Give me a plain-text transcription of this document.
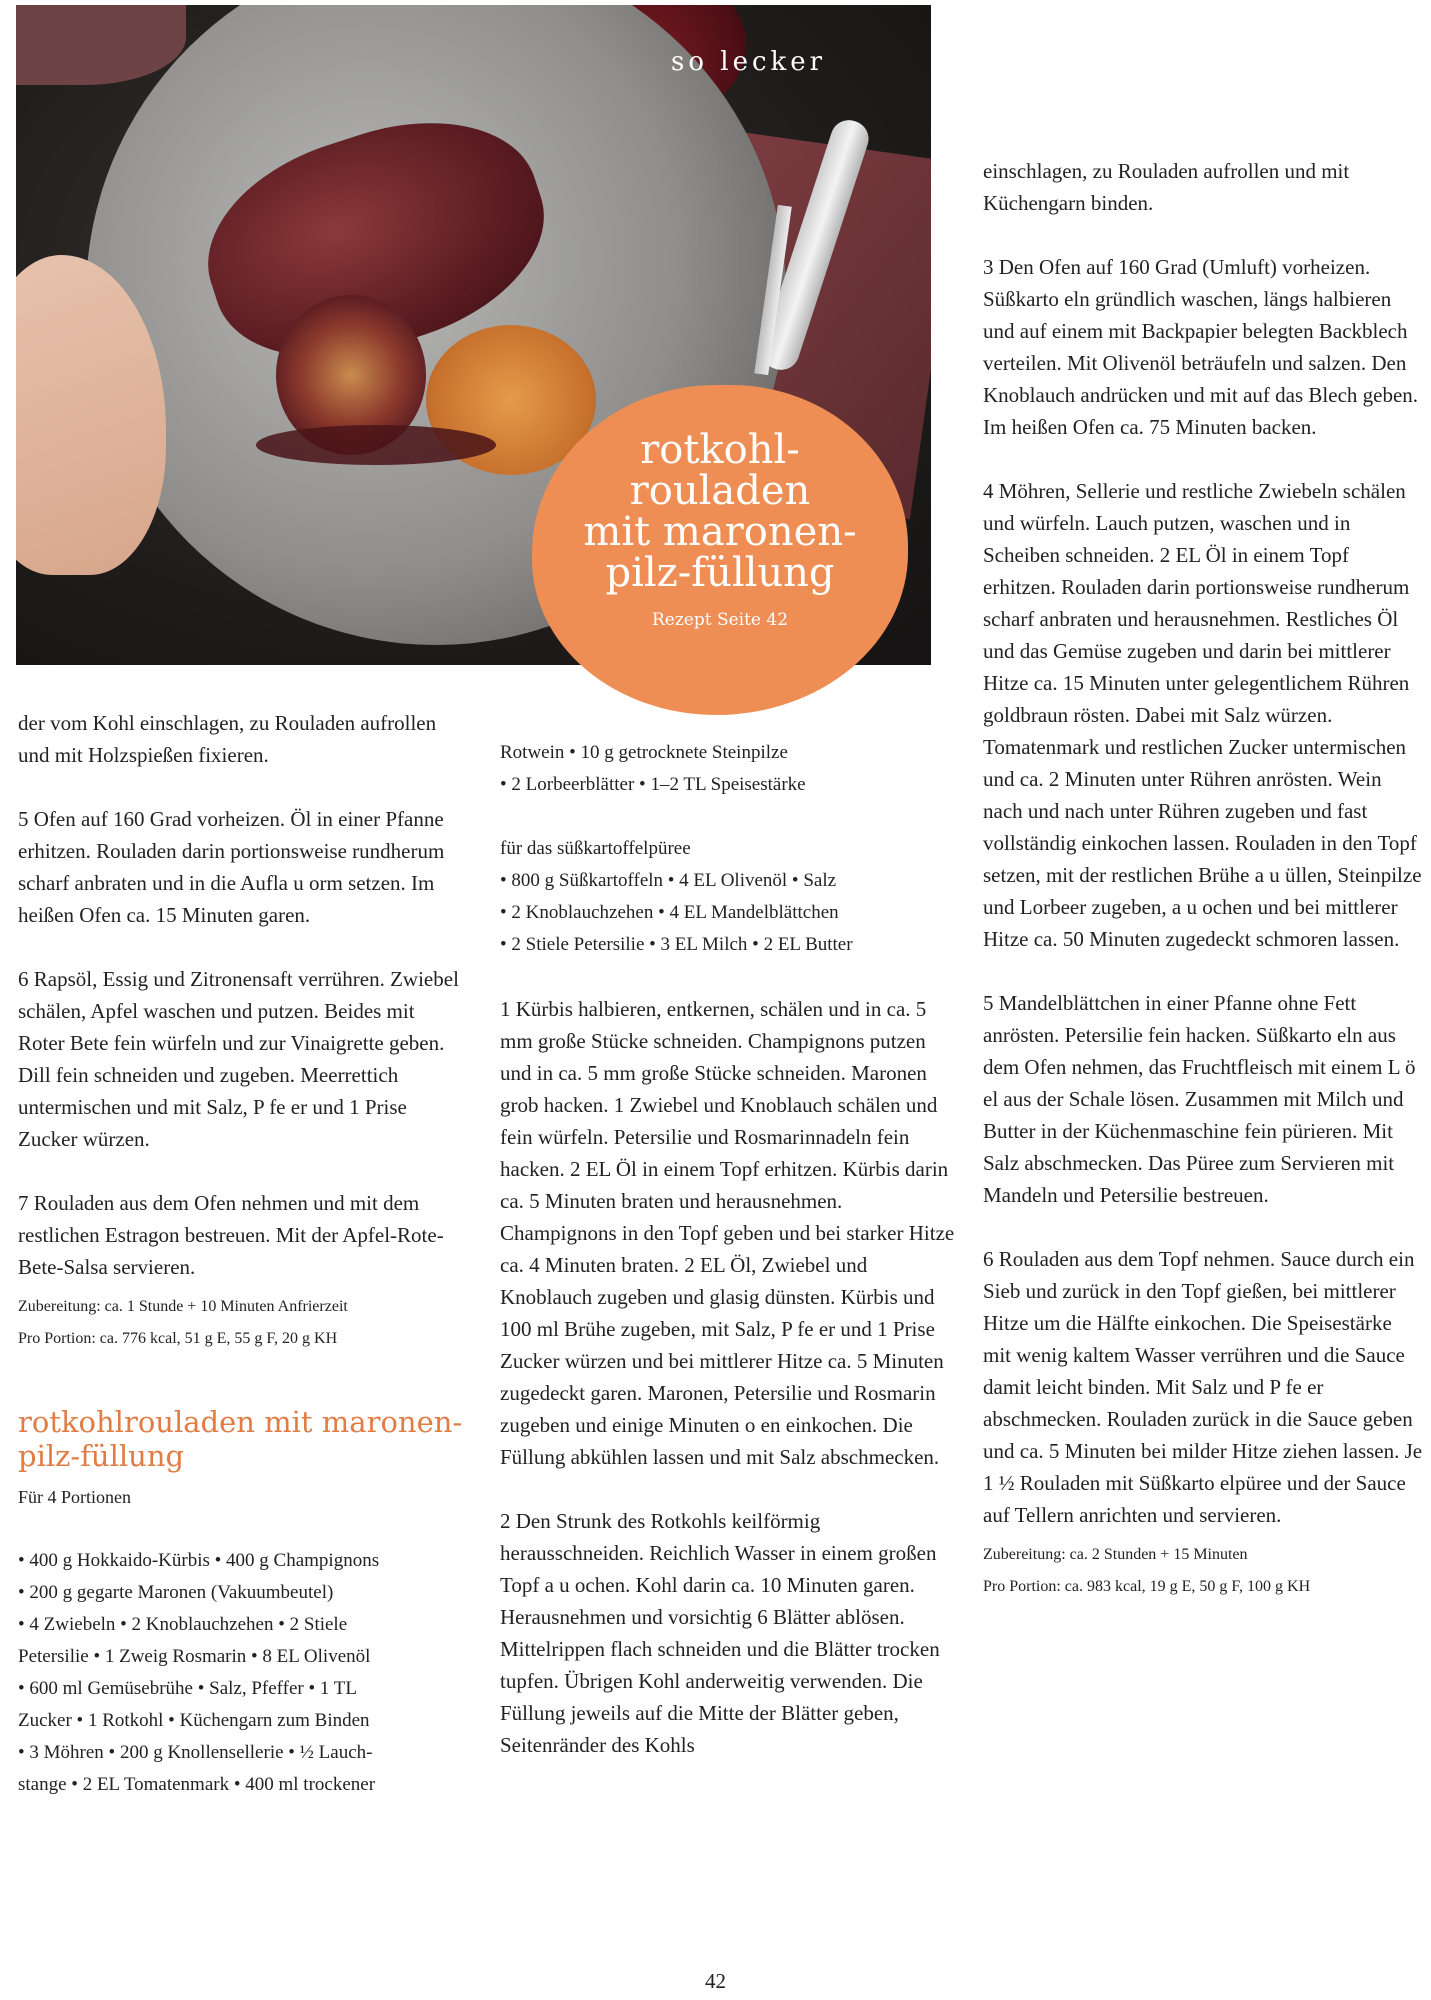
so lecker
rotkohl-
rouladen
mit maronen-
pilz-füllung
Rezept Seite 42

der vom Kohl einschlagen, zu Rouladen aufrollen und mit Holzspießen fixieren.

5 Ofen auf 160 Grad vorheizen. Öl in einer Pfanne erhitzen. Rouladen darin portionsweise rundherum scharf anbraten und in die Aufla u orm setzen. Im heißen Ofen ca. 15 Minuten garen.

6 Rapsöl, Essig und Zitronensaft verrühren. Zwiebel schälen, Apfel waschen und putzen. Beides mit Roter Bete fein würfeln und zur Vinaigrette geben. Dill fein schneiden und zugeben. Meerrettich untermischen und mit Salz, P fe er und 1 Prise Zucker würzen.

7 Rouladen aus dem Ofen nehmen und mit dem restlichen Estragon bestreuen. Mit der Apfel-Rote-Bete-Salsa servieren.

Zubereitung: ca. 1 Stunde + 10 Minuten Anfrierzeit
Pro Portion: ca. 776 kcal, 51 g E, 55 g F, 20 g KH
rotkohlrouladen mit maronen-pilz-füllung
Für 4 Portionen
• 400 g Hokkaido-Kürbis • 400 g Champignons
• 200 g gegarte Maronen (Vakuumbeutel)
• 4 Zwiebeln • 2 Knoblauchzehen • 2 Stiele
Petersilie • 1 Zweig Rosmarin • 8 EL Olivenöl
• 600 ml Gemüsebrühe • Salz, Pfeffer • 1 TL
Zucker • 1 Rotkohl • Küchengarn zum Binden
• 3 Möhren • 200 g Knollensellerie • ½ Lauch-
stange • 2 EL Tomatenmark • 400 ml trockener
Rotwein • 10 g getrocknete Steinpilze
• 2 Lorbeerblätter • 1–2 TL Speisestärke
für das süßkartoffelpüree
• 800 g Süßkartoffeln • 4 EL Olivenöl • Salz
• 2 Knoblauchzehen • 4 EL Mandelblättchen
• 2 Stiele Petersilie • 3 EL Milch • 2 EL Butter

1 Kürbis halbieren, entkernen, schälen und in ca. 5 mm große Stücke schneiden. Champignons putzen und in ca. 5 mm große Stücke schneiden. Maronen grob hacken. 1 Zwiebel und Knoblauch schälen und fein würfeln. Petersilie und Rosmarinnadeln fein hacken. 2 EL Öl in einem Topf erhitzen. Kürbis darin ca. 5 Minuten braten und herausnehmen. Champignons in den Topf geben und bei starker Hitze ca. 4 Minuten braten. 2 EL Öl, Zwiebel und Knoblauch zugeben und glasig dünsten. Kürbis und 100 ml Brühe zugeben, mit Salz, P fe er und 1 Prise Zucker würzen und bei mittlerer Hitze ca. 5 Minuten zugedeckt garen. Maronen, Petersilie und Rosmarin zugeben und einige Minuten o en einkochen. Die Füllung abkühlen lassen und mit Salz abschmecken.

2 Den Strunk des Rotkohls keilförmig herausschneiden. Reichlich Wasser in einem großen Topf a u ochen. Kohl darin ca. 10 Minuten garen. Herausnehmen und vorsichtig 6 Blätter ablösen. Mittelrippen flach schneiden und die Blätter trocken tupfen. Übrigen Kohl anderweitig verwenden. Die Füllung jeweils auf die Mitte der Blätter geben, Seitenränder des Kohls

einschlagen, zu Rouladen aufrollen und mit Küchengarn binden.

3 Den Ofen auf 160 Grad (Umluft) vorheizen. Süßkarto eln gründlich waschen, längs halbieren und auf einem mit Backpapier belegten Backblech verteilen. Mit Olivenöl beträufeln und salzen. Den Knoblauch andrücken und mit auf das Blech geben. Im heißen Ofen ca. 75 Minuten backen.

4 Möhren, Sellerie und restliche Zwiebeln schälen und würfeln. Lauch putzen, waschen und in Scheiben schneiden. 2 EL Öl in einem Topf erhitzen. Rouladen darin portionsweise rundherum scharf anbraten und herausnehmen. Restliches Öl und das Gemüse zugeben und darin bei mittlerer Hitze ca. 15 Minuten unter gelegentlichem Rühren goldbraun rösten. Dabei mit Salz würzen. Tomatenmark und restlichen Zucker untermischen und ca. 2 Minuten unter Rühren anrösten. Wein nach und nach unter Rühren zugeben und fast vollständig einkochen lassen. Rouladen in den Topf setzen, mit der restlichen Brühe a u üllen, Steinpilze und Lorbeer zugeben, a u ochen und bei mittlerer Hitze ca. 50 Minuten zugedeckt schmoren lassen.

5 Mandelblättchen in einer Pfanne ohne Fett anrösten. Petersilie fein hacken. Süßkarto eln aus dem Ofen nehmen, das Fruchtfleisch mit einem L ö el aus der Schale lösen. Zusammen mit Milch und Butter in der Küchenmaschine fein pürieren. Mit Salz abschmecken. Das Püree zum Servieren mit Mandeln und Petersilie bestreuen.

6 Rouladen aus dem Topf nehmen. Sauce durch ein Sieb und zurück in den Topf gießen, bei mittlerer Hitze um die Hälfte einkochen. Die Speisestärke mit wenig kaltem Wasser verrühren und die Sauce damit leicht binden. Mit Salz und P fe er abschmecken. Rouladen zurück in die Sauce geben und ca. 5 Minuten bei milder Hitze ziehen lassen. Je 1 ½ Rouladen mit Süßkarto elpüree und der Sauce auf Tellern anrichten und servieren.

Zubereitung: ca. 2 Stunden + 15 Minuten
Pro Portion: ca. 983 kcal, 19 g E, 50 g F, 100 g KH
42
